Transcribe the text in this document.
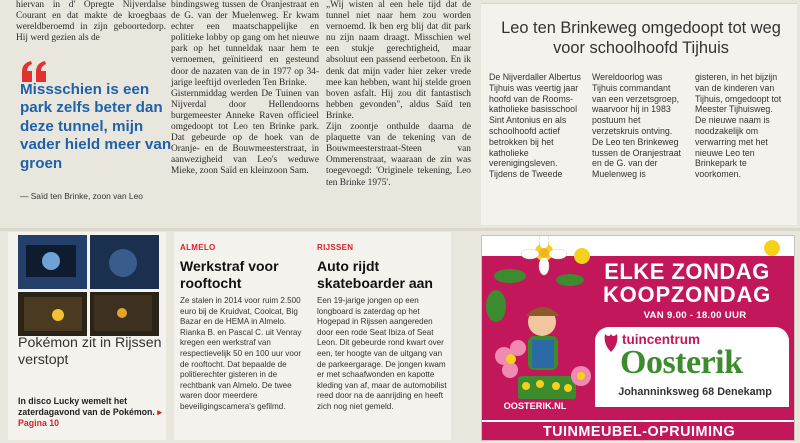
hiervan in d' Opregte Nijverdalse Courant en dat makte de kroegbaas wereldberoemd in zijn geboortedorp. Hij werd gezien als de
Missschien is een park zelfs beter dan deze tunnel, mijn vader hield meer van groen
— Saïd ten Brinke, zoon van Leo
bindingsweg tussen de Oranjestraat en de G. van der Muelenweg. Er kwam echter een maatschappelijke en politieke lobby op gang om het nieuwe park op het tunneldak naar hem te vernoemen, geïnitieerd en gesteund door de nazaten van de in 1977 op 34-jarige leeftijd overleden Ten Brinke.
Gisternmiddag werden De Tuinen van Nijverdal door Hellendoorns burgemeester Anneke Raven officieel omgedoopt tot Leo ten Brinke park. Dat gebeurde op de hoek van de Oranje- en de Bouwmeesterstraat, in aanwezigheid van Leo's weduwe Mieke, zoon Saïd en kleinzoon Sam.
„Wij wisten al een hele tijd dat de tunnel niet naar hem zou worden vernoemd. Ik ben erg blij dat dit park nu zijn naam draagt. Misschien wel een stukje gerechtigheid, maar absoluut een passend eerbetoon. En ik denk dat mijn vader hier zeker vrede mee kan hebben, want hij stelde groen boven asfalt. Hij zou dit fantastisch hebben gevonden", aldus Saïd ten Brinke.
Zijn zoontje onthulde daarna de plaquette van de tekening van de Bouwmeesterstraat-Steen van Ommerenstraat, waaraan de zin was toegevoegd: 'Originele tekening, Leo ten Brinke 1975'.
Leo ten Brinkeweg omgedoopt tot weg voor schoolhoofd Tijhuis
De Nijverdaller Albertus Tijhuis was veertig jaar hoofd van de Rooms-katholieke basisschool Sint Antonius en als schoolhoofd actief betrokken bij het katholieke verenigingsleven.
Tijdens de Tweede
Wereldoorlog was Tijhuis commandant van een verzetsgroep, waarvoor hij in 1983 postuum het verzetskruis ontving.
De Leo ten Brinkeweg tussen de Oranjestraat en de G. van der Muelenweg is
gisteren, in het bijzijn van de kinderen van Tijhuis, omgedoopt tot Meester Tijhuisweg.
De nieuwe naam is noodzakelijk om verwarring met het nieuwe Leo ten Brinkepark te voorkomen.
Pokémon zit in Rijssen verstopt
In disco Lucky wemelt het zaterdagavond van de Pokémon. ▸ Pagina 10
ALMELO
Werkstraf voor rooftocht
Ze stalen in 2014 voor ruim 2.500 euro bij de Kruidvat, Coolcat, Big Bazar en de HEMA in Almelo. Rianka B. en Pascal C. uit Venray kregen een werkstraf van respectievelijk 50 en 100 uur voor de rooftocht. Dat bepaalde de politierechter gisteren in de rechtbank van Almelo. De twee waren door meerdere beveiligingscamera's gefilmd.
RIJSSEN
Auto rijdt skateboarder aan
Een 19-jarige jongen op een longboard is zaterdag op het Hogepad in Rijssen aangereden door een rode Seat Ibiza of Seat Leon. Dit gebeurde rond kwart over een, ter hoogte van de uitgang van de parkeergarage. De jongen kwam er met schaafwonden en kapotte kleding van af, maar de automobilist reed door na de aanrijding en heeft zich nog niet gemeld.
ELKE ZONDAG
KOOPZONDAG
VAN 9.00 - 18.00 UUR
tuincentrum
Oosterik
Johanninksweg 68 Denekamp
OOSTERIK.NL
TUINMEUBEL-OPRUIMING
